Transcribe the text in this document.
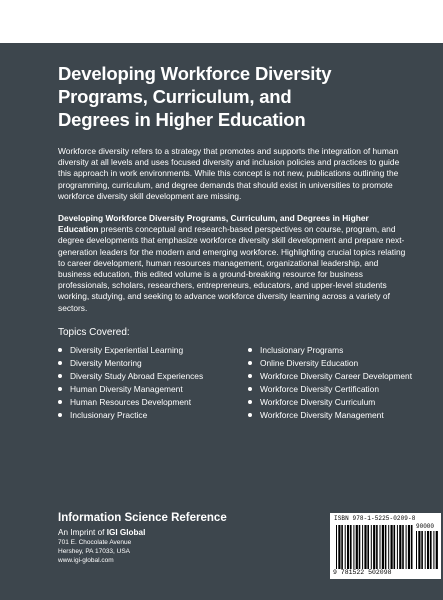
Developing Workforce Diversity Programs, Curriculum, and Degrees in Higher Education

Workforce diversity refers to a strategy that promotes and supports the integration of human diversity at all levels and uses focused diversity and inclusion policies and practices to guide this approach in work environments. While this concept is not new, publications outlining the programming, curriculum, and degree demands that should exist in universities to promote workforce diversity skill development are missing.

Developing Workforce Diversity Programs, Curriculum, and Degrees in Higher Education presents conceptual and research-based perspectives on course, program, and degree developments that emphasize workforce diversity skill development and prepare next-generation leaders for the modern and emerging workforce. Highlighting crucial topics relating to career development, human resources management, organizational leadership, and business education, this edited volume is a ground-breaking resource for business professionals, scholars, researchers, entrepreneurs, educators, and upper-level students working, studying, and seeking to advance workforce diversity learning across a variety of sectors.

Topics Covered:
Diversity Experiential Learning
Diversity Mentoring
Diversity Study Abroad Experiences
Human Diversity Management
Human Resources Development
Inclusionary Practice
Inclusionary Programs
Online Diversity Education
Workforce Diversity Career Development
Workforce Diversity Certification
Workforce Diversity Curriculum
Workforce Diversity Management

Information Science Reference

An Imprint of IGI Global

701 E. Chocolate Avenue

Hershey, PA 17033, USA

www.igi-global.com

ISBN 978-1-5225-0209-8
90000
9 781522 502098
